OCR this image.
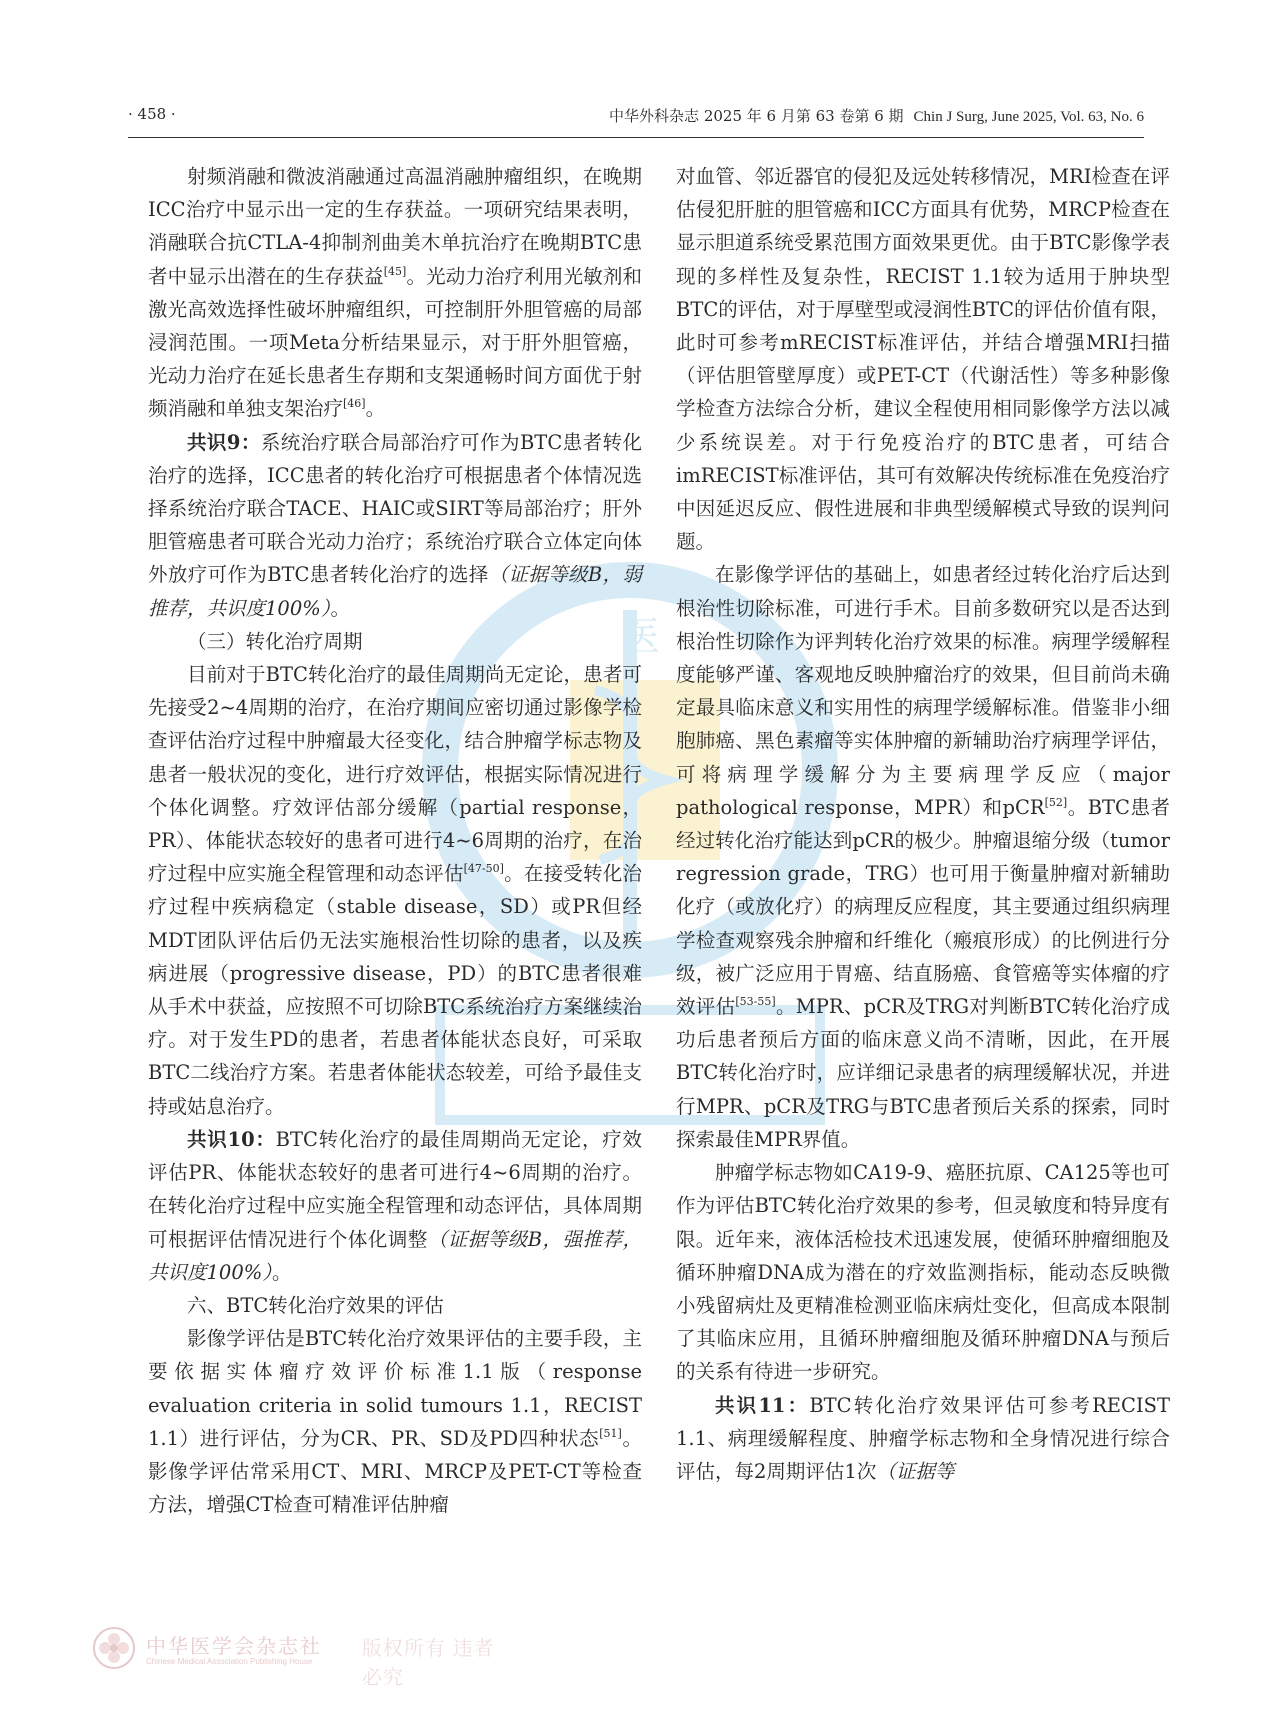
· 458 ·	中华外科杂志 2025 年 6 月第 63 卷第 6 期 Chin J Surg, June 2025, Vol. 63, No. 6
医

射频消融和微波消融通过高温消融肿瘤组织，在晚期ICC治疗中显示出一定的生存获益。一项研究结果表明，消融联合抗CTLA-4抑制剂曲美木单抗治疗在晚期BTC患者中显示出潜在的生存获益[45]。光动力治疗利用光敏剂和激光高效选择性破坏肿瘤组织，可控制肝外胆管癌的局部浸润范围。一项Meta分析结果显示，对于肝外胆管癌，光动力治疗在延长患者生存期和支架通畅时间方面优于射频消融和单独支架治疗[46]。

共识9：系统治疗联合局部治疗可作为BTC患者转化治疗的选择，ICC患者的转化治疗可根据患者个体情况选择系统治疗联合TACE、HAIC或SIRT等局部治疗；肝外胆管癌患者可联合光动力治疗；系统治疗联合立体定向体外放疗可作为BTC患者转化治疗的选择（证据等级B，弱推荐，共识度100%）。

（三）转化治疗周期

目前对于BTC转化治疗的最佳周期尚无定论，患者可先接受2~4周期的治疗，在治疗期间应密切通过影像学检查评估治疗过程中肿瘤最大径变化，结合肿瘤学标志物及患者一般状况的变化，进行疗效评估，根据实际情况进行个体化调整。疗效评估部分缓解（partial response，PR）、体能状态较好的患者可进行4~6周期的治疗，在治疗过程中应实施全程管理和动态评估[47-50]。在接受转化治疗过程中疾病稳定（stable disease，SD）或PR但经MDT团队评估后仍无法实施根治性切除的患者，以及疾病进展（progressive disease，PD）的BTC患者很难从手术中获益，应按照不可切除BTC系统治疗方案继续治疗。对于发生PD的患者，若患者体能状态良好，可采取BTC二线治疗方案。若患者体能状态较差，可给予最佳支持或姑息治疗。

共识10：BTC转化治疗的最佳周期尚无定论，疗效评估PR、体能状态较好的患者可进行4~6周期的治疗。在转化治疗过程中应实施全程管理和动态评估，具体周期可根据评估情况进行个体化调整（证据等级B，强推荐，共识度100%）。

六、BTC转化治疗效果的评估

影像学评估是BTC转化治疗效果评估的主要手段，主要依据实体瘤疗效评价标准1.1版（response evaluation criteria in solid tumours 1.1，RECIST 1.1）进行评估，分为CR、PR、SD及PD四种状态[51]。影像学评估常采用CT、MRI、MRCP及PET-CT等检查方法，增强CT检查可精准评估肿瘤

对血管、邻近器官的侵犯及远处转移情况，MRI检查在评估侵犯肝脏的胆管癌和ICC方面具有优势，MRCP检查在显示胆道系统受累范围方面效果更优。由于BTC影像学表现的多样性及复杂性，RECIST 1.1较为适用于肿块型BTC的评估，对于厚壁型或浸润性BTC的评估价值有限，此时可参考mRECIST标准评估，并结合增强MRI扫描（评估胆管壁厚度）或PET-CT（代谢活性）等多种影像学检查方法综合分析，建议全程使用相同影像学方法以减少系统误差。对于行免疫治疗的BTC患者，可结合imRECIST标准评估，其可有效解决传统标准在免疫治疗中因延迟反应、假性进展和非典型缓解模式导致的误判问题。

在影像学评估的基础上，如患者经过转化治疗后达到根治性切除标准，可进行手术。目前多数研究以是否达到根治性切除作为评判转化治疗效果的标准。病理学缓解程度能够严谨、客观地反映肿瘤治疗的效果，但目前尚未确定最具临床意义和实用性的病理学缓解标准。借鉴非小细胞肺癌、黑色素瘤等实体肿瘤的新辅助治疗病理学评估，可将病理学缓解分为主要病理学反应（major pathological response，MPR）和pCR[52]。BTC患者经过转化治疗能达到pCR的极少。肿瘤退缩分级（tumor regression grade，TRG）也可用于衡量肿瘤对新辅助化疗（或放化疗）的病理反应程度，其主要通过组织病理学检查观察残余肿瘤和纤维化（瘢痕形成）的比例进行分级，被广泛应用于胃癌、结直肠癌、食管癌等实体瘤的疗效评估[53-55]。MPR、pCR及TRG对判断BTC转化治疗成功后患者预后方面的临床意义尚不清晰，因此，在开展BTC转化治疗时，应详细记录患者的病理缓解状况，并进行MPR、pCR及TRG与BTC患者预后关系的探索，同时探索最佳MPR界值。

肿瘤学标志物如CA19-9、癌胚抗原、CA125等也可作为评估BTC转化治疗效果的参考，但灵敏度和特异度有限。近年来，液体活检技术迅速发展，使循环肿瘤细胞及循环肿瘤DNA成为潜在的疗效监测指标，能动态反映微小残留病灶及更精准检测亚临床病灶变化，但高成本限制了其临床应用，且循环肿瘤细胞及循环肿瘤DNA与预后的关系有待进一步研究。

共识11：BTC转化治疗效果评估可参考RECIST 1.1、病理缓解程度、肿瘤学标志物和全身情况进行综合评估，每2周期评估1次（证据等

中华医学会杂志社
Chinese Medical Association Publishing House
版权所有 违者必究
